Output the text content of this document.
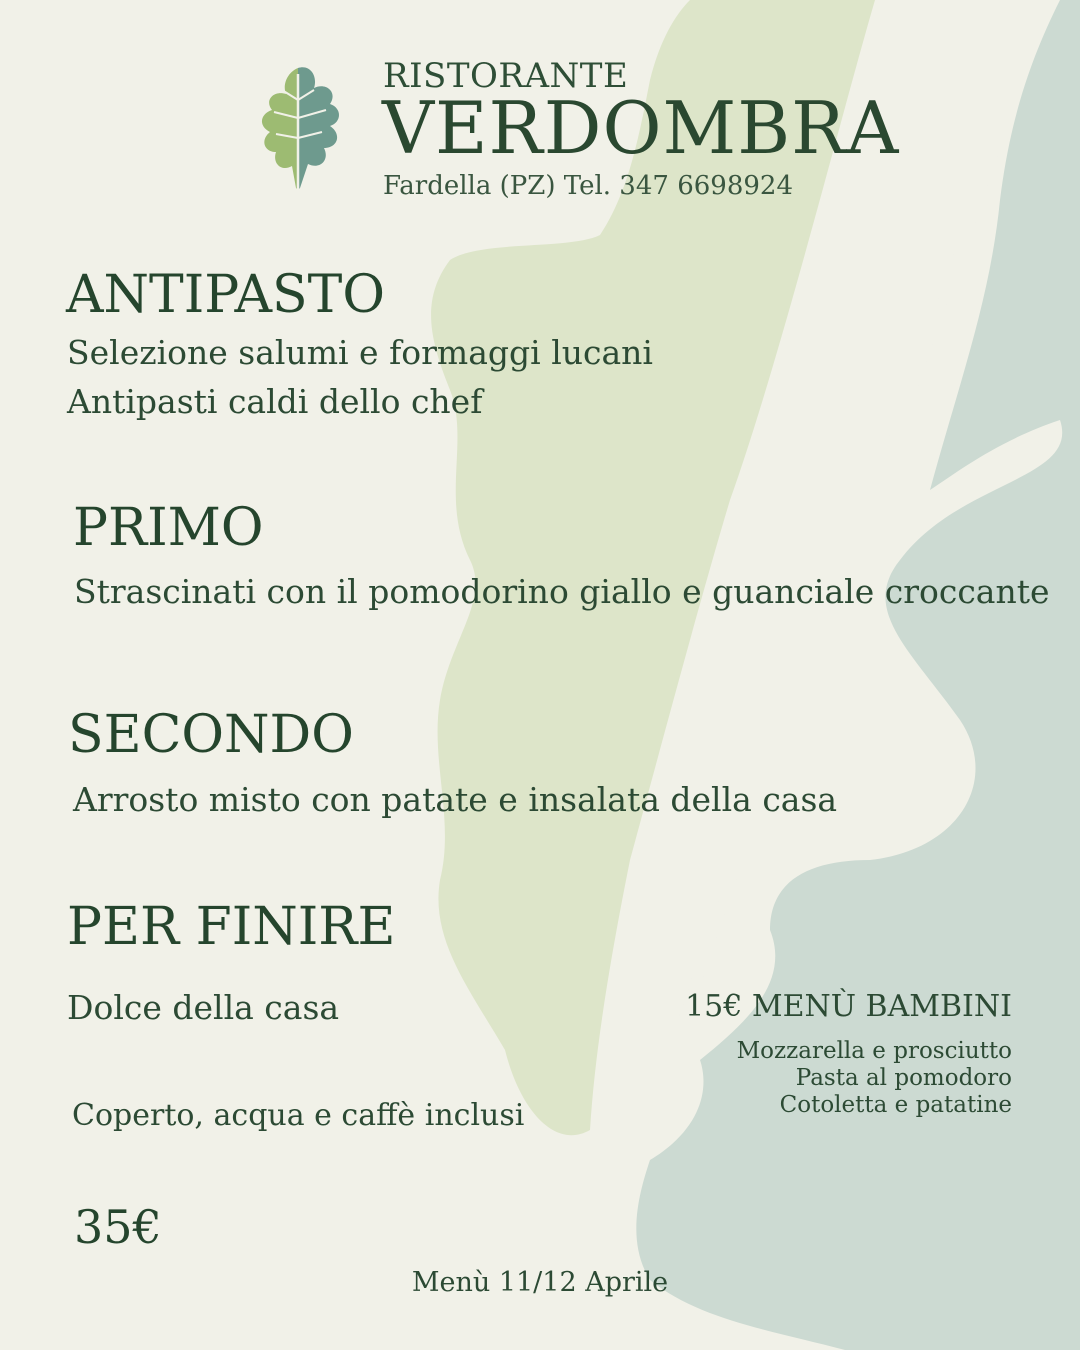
RISTORANTE
VERDOMBRA
Fardella (PZ) Tel. 347 6698924
ANTIPASTO
Selezione salumi e formaggi lucani
Antipasti caldi dello chef
PRIMO
Strascinati con il pomodorino giallo e guanciale croccante
SECONDO
Arrosto misto con patate e insalata della casa
PER FINIRE
Dolce della casa
Coperto, acqua e caffè inclusi
35€
15€ MENÙ BAMBINI
Mozzarella e prosciutto
Pasta al pomodoro
Cotoletta e patatine
Menù 11/12 Aprile
